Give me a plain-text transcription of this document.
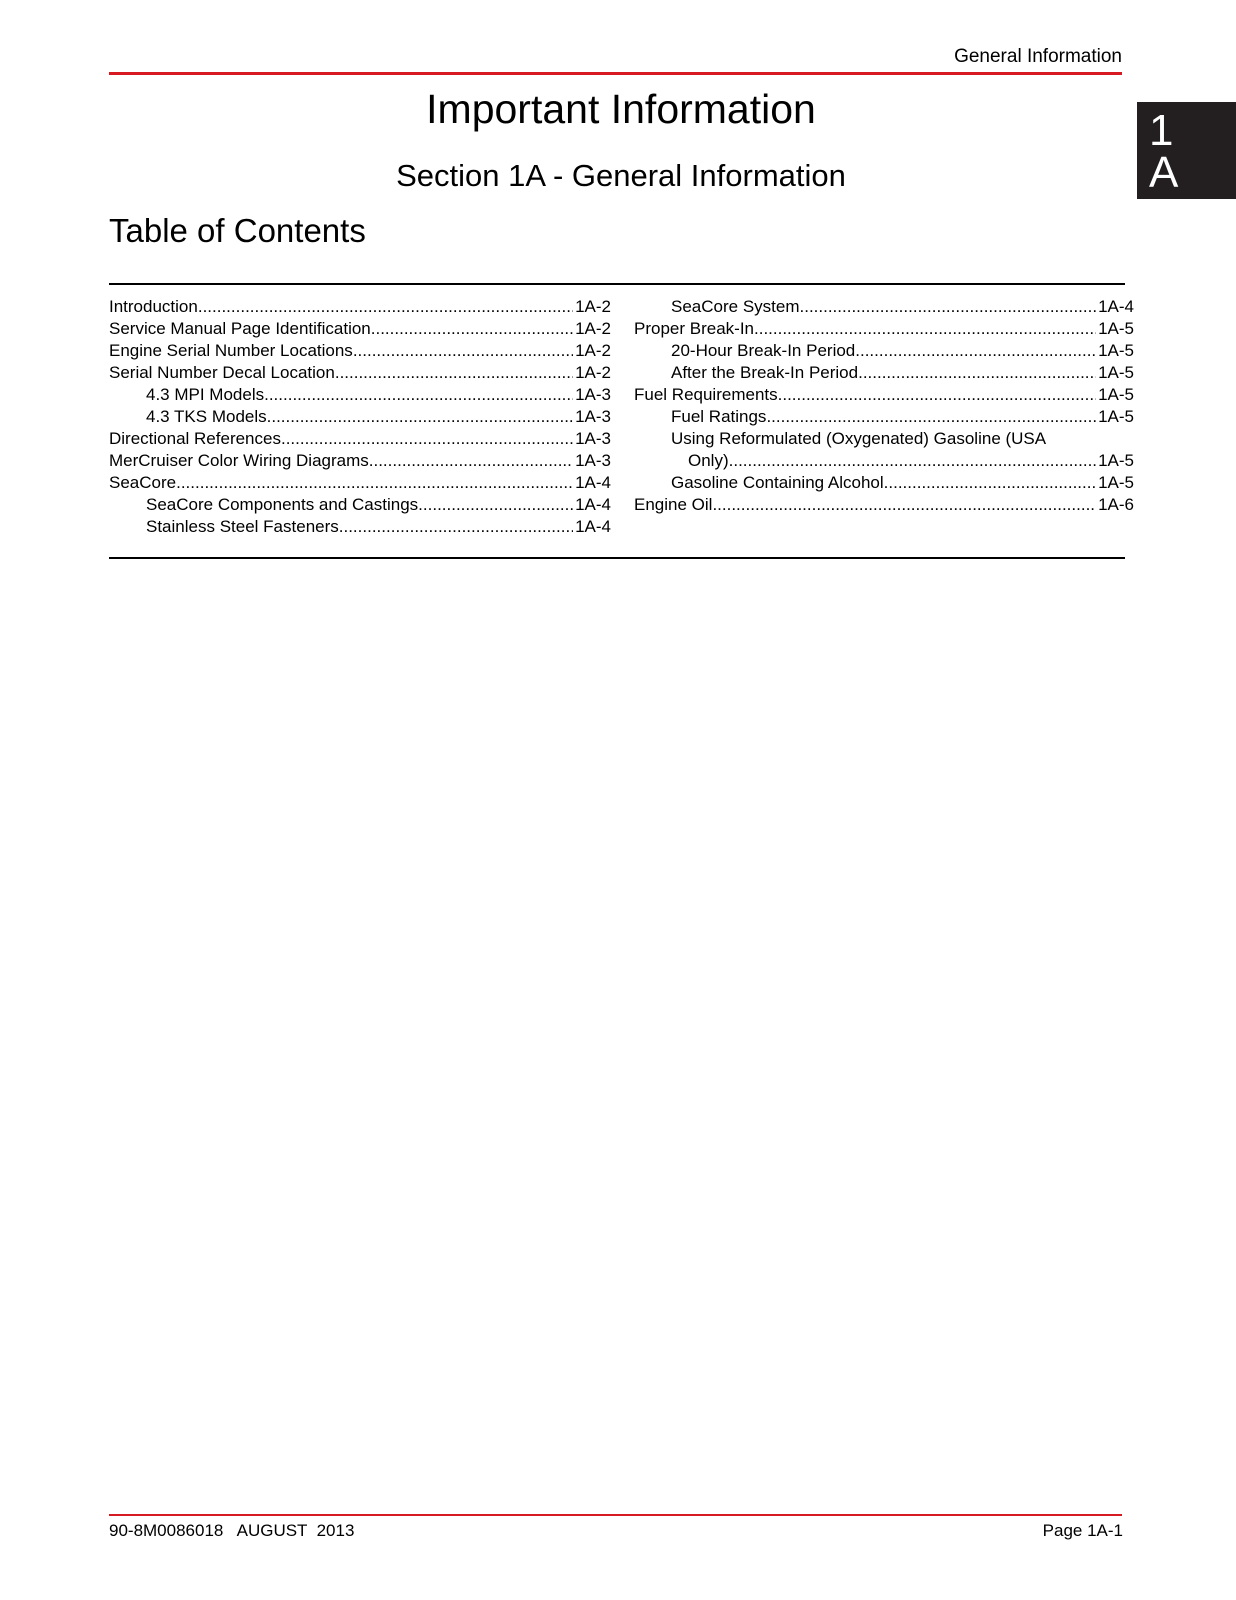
General Information
1
A
Important Information
Section 1A - General Information
Table of Contents
Introduction .....	1A-2
Service Manual Page Identification .....	1A-2
Engine Serial Number Locations .....	1A-2
Serial Number Decal Location .....	1A-2
4.3 MPI Models .....	1A-3
4.3 TKS Models .....	1A-3
Directional References .....	1A-3
MerCruiser Color Wiring Diagrams .....	1A-3
SeaCore .....	1A-4
SeaCore Components and Castings .....	1A-4
Stainless Steel Fasteners .....	1A-4
SeaCore System .....	1A-4
Proper Break-In .....	1A-5
20-Hour Break-In Period .....	1A-5
After the Break-In Period .....	1A-5
Fuel Requirements .....	1A-5
Fuel Ratings .....	1A-5
Using Reformulated (Oxygenated) Gasoline (USA
Only) .....	1A-5
Gasoline Containing Alcohol .....	1A-5
Engine Oil .....	1A-6
90-8M0086018   AUGUST  2013	Page 1A-1
